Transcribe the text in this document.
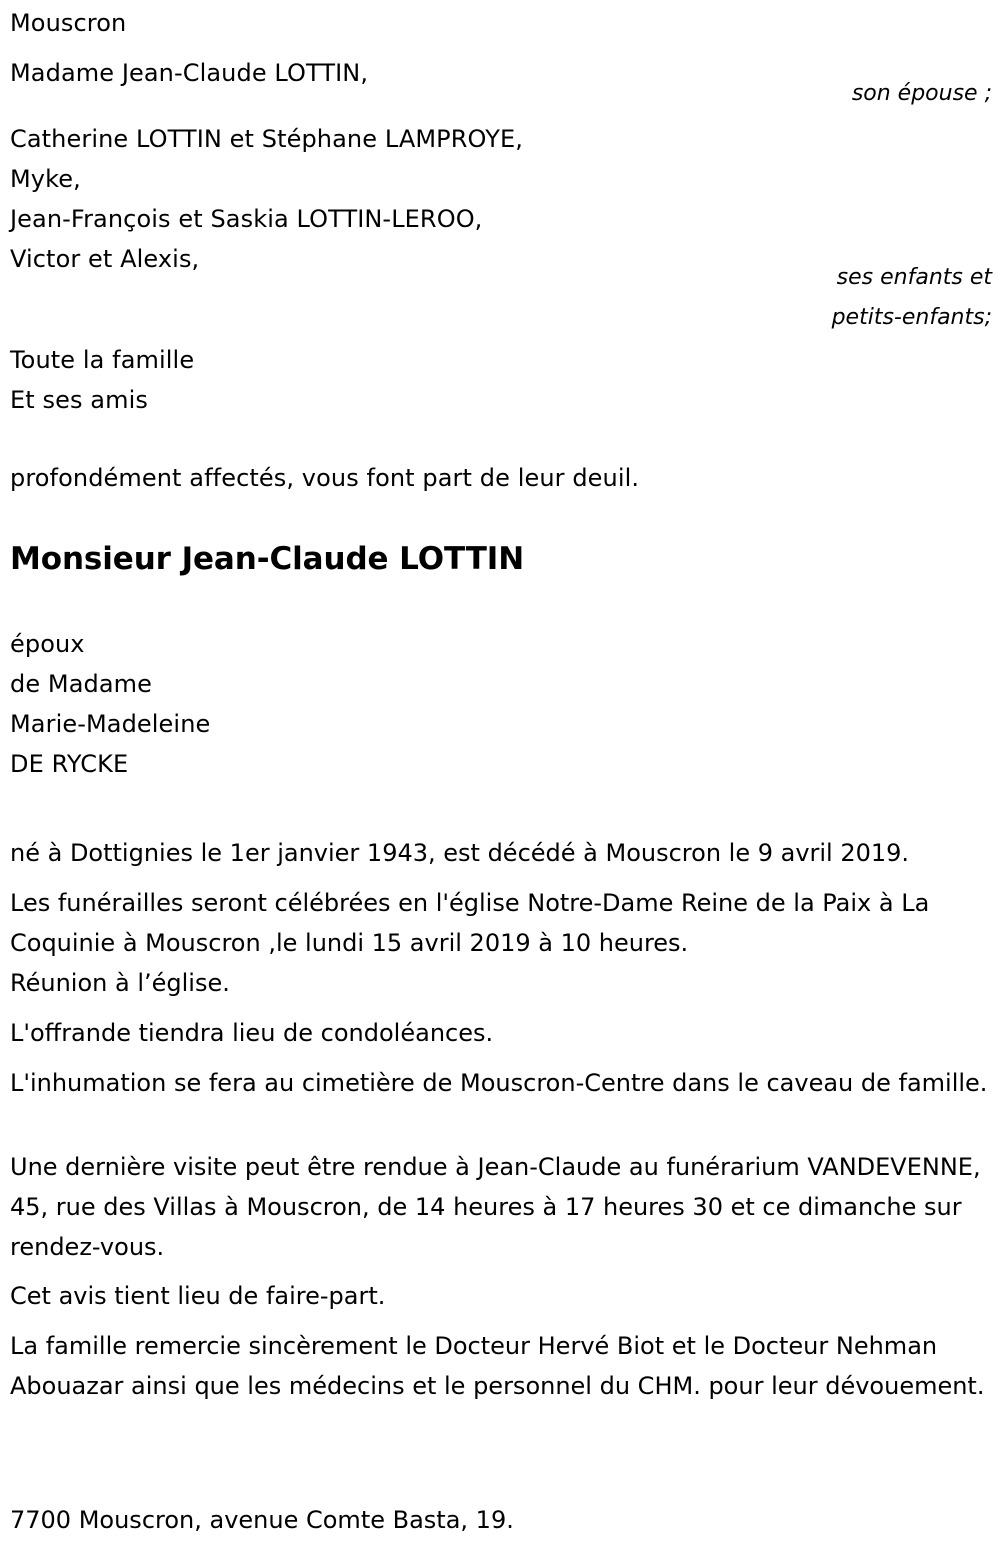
Mouscron
Madame Jean-Claude LOTTIN,
son épouse ;
Catherine LOTTIN et Stéphane LAMPROYE,
Myke,
Jean-François et Saskia LOTTIN-LEROO,
Victor et Alexis,
ses enfants et
petits-enfants;
Toute la famille
Et ses amis
profondément affectés, vous font part de leur deuil.
Monsieur Jean-Claude LOTTIN
époux
de Madame
Marie-Madeleine
DE RYCKE
né à Dottignies le 1er janvier 1943, est décédé à Mouscron le 9 avril 2019.
Les funérailles seront célébrées en l'église Notre-Dame Reine de la Paix à La Coquinie à Mouscron ,le lundi 15 avril 2019 à 10 heures.
Réunion à l’église.
L'offrande tiendra lieu de condoléances.
L'inhumation se fera au cimetière de Mouscron-Centre dans le caveau de famille.
Une dernière visite peut être rendue à Jean-Claude au funérarium VANDEVENNE, 45, rue des Villas à Mouscron, de 14 heures à 17 heures 30 et ce dimanche sur rendez-vous.
Cet avis tient lieu de faire-part.
La famille remercie sincèrement le Docteur Hervé Biot et le Docteur Nehman Abouazar ainsi que les médecins et le personnel du CHM. pour leur dévouement.
7700 Mouscron, avenue Comte Basta, 19.
